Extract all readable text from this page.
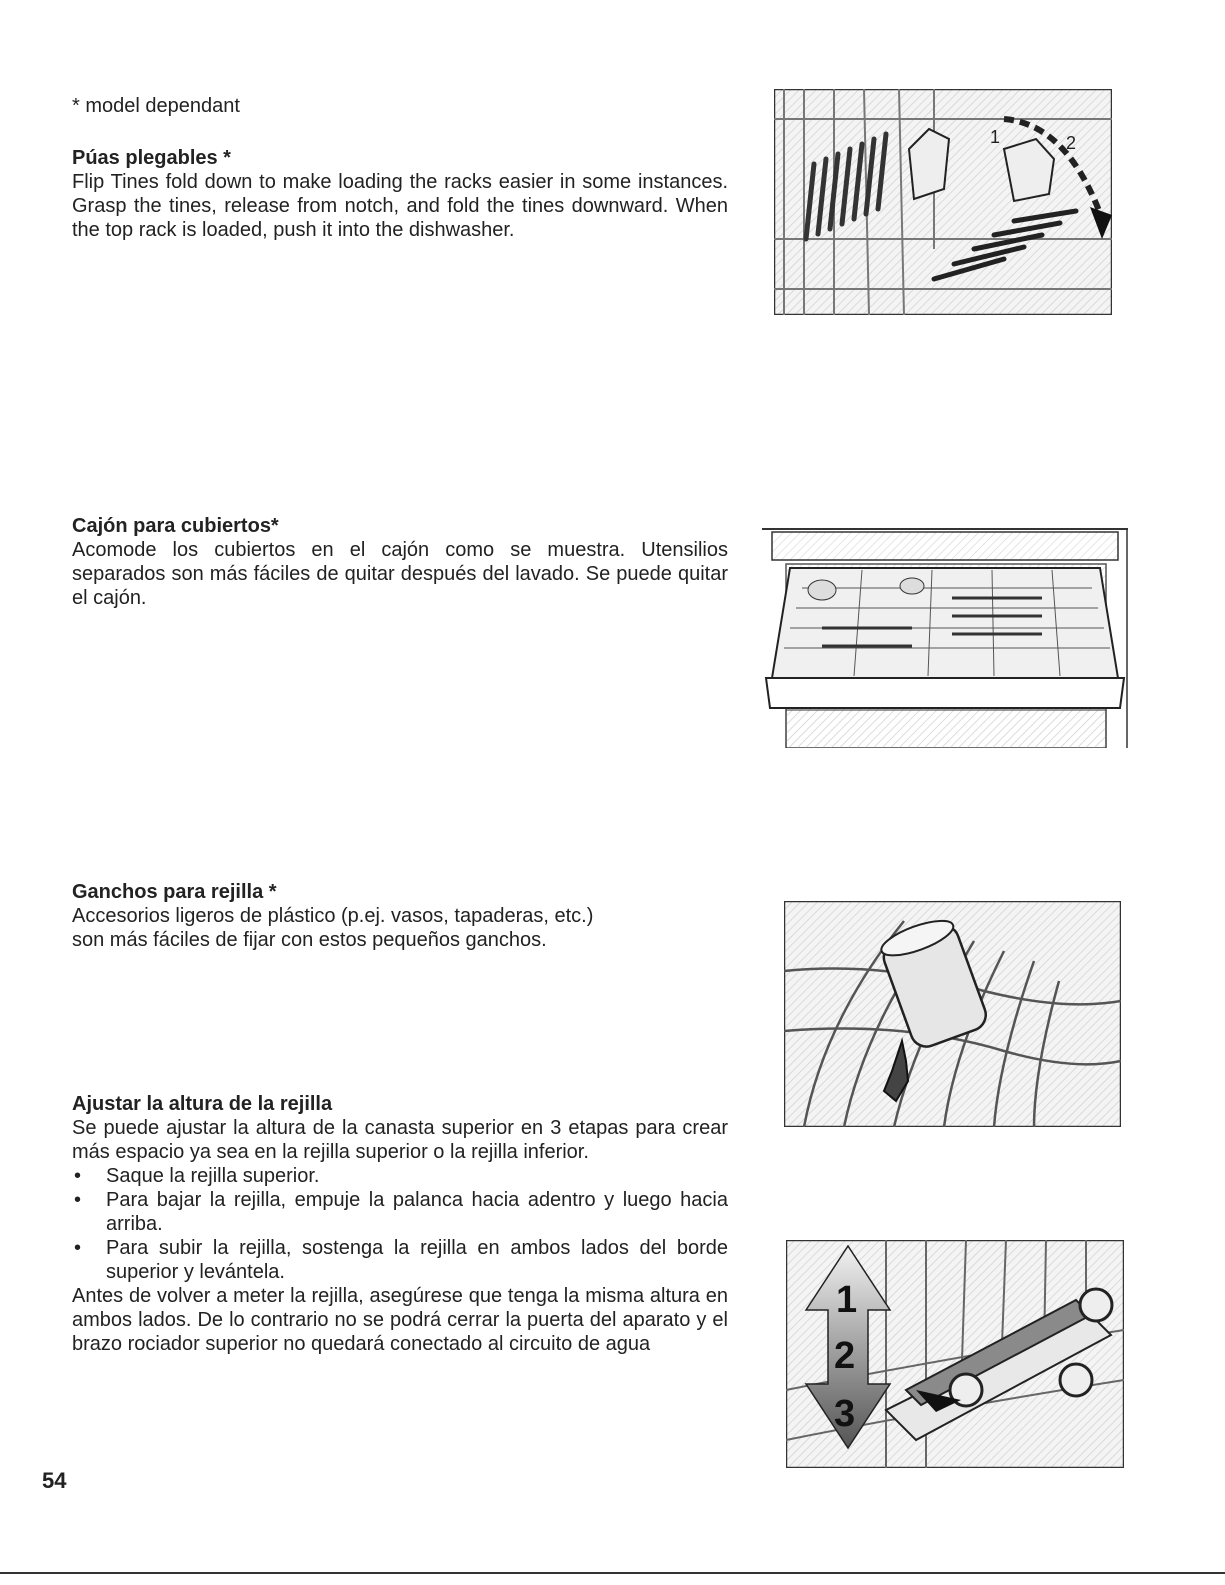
* model dependant
Púas plegables *
Flip Tines fold down to make loading the racks easier in some instances. Grasp the tines, release from notch, and fold the tines downward. When the top rack is loaded, push it into the dishwasher.
1	2
Cajón para cubiertos*
Acomode los cubiertos en el cajón como se muestra. Utensilios separados son más fáciles de quitar después del lavado. Se puede quitar el cajón.
Ganchos para rejilla *
Accesorios ligeros de plástico (p.ej. vasos, tapaderas, etc.)
son más fáciles de fijar con estos pequeños ganchos.
Ajustar la altura de la rejilla
Se puede ajustar la altura de la canasta superior en 3 etapas para crear más espacio ya sea en la rejilla superior o la rejilla inferior.
• Saque la rejilla superior.
• Para bajar la rejilla, empuje la palanca hacia adentro y luego hacia arriba.
• Para subir la rejilla, sostenga la rejilla en ambos lados del borde superior y levántela.
Antes de volver a meter la rejilla, asegúrese que tenga la misma altura en ambos lados. De lo contrario no se podrá cerrar la puerta del aparato y el brazo rociador superior no quedará conectado al circuito de agua
1
2
3
54
